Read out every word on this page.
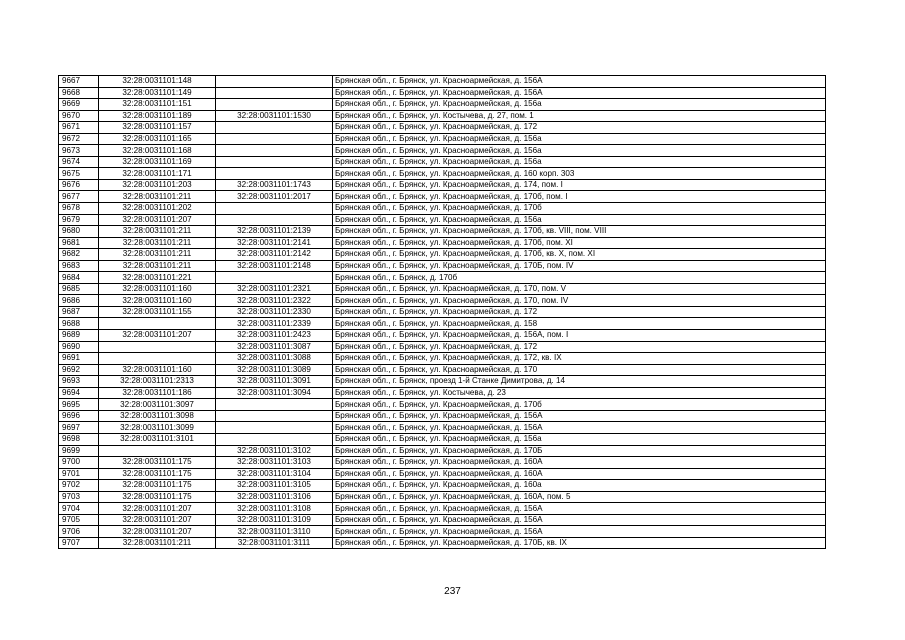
9667	32:28:0031101:148		Брянская обл., г. Брянск, ул. Красноармейская, д. 156А
9668	32:28:0031101:149		Брянская обл., г. Брянск, ул. Красноармейская, д. 156А
9669	32:28:0031101:151		Брянская обл., г. Брянск, ул. Красноармейская, д. 156а
9670	32:28:0031101:189	32:28:0031101:1530	Брянская обл., г. Брянск, ул. Костычева, д. 27, пом. 1
9671	32:28:0031101:157		Брянская обл., г. Брянск, ул. Красноармейская, д. 172
9672	32:28:0031101:165		Брянская обл., г. Брянск, ул. Красноармейская, д. 156а
9673	32:28:0031101:168		Брянская обл., г. Брянск, ул. Красноармейская, д. 156а
9674	32:28:0031101:169		Брянская обл., г. Брянск, ул. Красноармейская, д. 156а
9675	32:28:0031101:171		Брянская обл., г. Брянск, ул. Красноармейская, д. 160 корп. 303
9676	32:28:0031101:203	32:28:0031101:1743	Брянская обл., г. Брянск, ул. Красноармейская, д. 174, пом. I
9677	32:28:0031101:211	32:28:0031101:2017	Брянская обл., г. Брянск, ул. Красноармейская, д. 170б, пом. I
9678	32:28:0031101:202		Брянская обл., г. Брянск, ул. Красноармейская, д. 170б
9679	32:28:0031101:207		Брянская обл., г. Брянск, ул. Красноармейская, д. 156а
9680	32:28:0031101:211	32:28:0031101:2139	Брянская обл., г. Брянск, ул. Красноармейская, д. 170б, кв. VIII, пом. VIII
9681	32:28:0031101:211	32:28:0031101:2141	Брянская обл., г. Брянск, ул. Красноармейская, д. 170б, пом. XI
9682	32:28:0031101:211	32:28:0031101:2142	Брянская обл., г. Брянск, ул. Красноармейская, д. 170б, кв. X, пом. XI
9683	32:28:0031101:211	32:28:0031101:2148	Брянская обл., г. Брянск, ул. Красноармейская, д. 170Б, пом. IV
9684	32:28:0031101:221		Брянская обл., г. Брянск, д. 170б
9685	32:28:0031101:160	32:28:0031101:2321	Брянская обл., г. Брянск, ул. Красноармейская, д. 170, пом. V
9686	32:28:0031101:160	32:28:0031101:2322	Брянская обл., г. Брянск, ул. Красноармейская, д. 170, пом. IV
9687	32:28:0031101:155	32:28:0031101:2330	Брянская обл., г. Брянск, ул. Красноармейская, д. 172
9688		32:28:0031101:2339	Брянская обл., г. Брянск, ул. Красноармейская, д. 158
9689	32:28:0031101:207	32:28:0031101:2423	Брянская обл., г. Брянск, ул. Красноармейская, д. 156А, пом. I
9690		32:28:0031101:3087	Брянская обл., г. Брянск, ул. Красноармейская, д. 172
9691		32:28:0031101:3088	Брянская обл., г. Брянск, ул. Красноармейская, д. 172, кв. IX
9692	32:28:0031101:160	32:28:0031101:3089	Брянская обл., г. Брянск, ул. Красноармейская, д. 170
9693	32:28:0031101:2313	32:28:0031101:3091	Брянская обл., г. Брянск, проезд 1-й Станке Димитрова, д. 14
9694	32:28:0031101:186	32:28:0031101:3094	Брянская обл., г. Брянск, ул. Костычева, д. 23
9695	32:28:0031101:3097		Брянская обл., г. Брянск, ул. Красноармейская, д. 170б
9696	32:28:0031101:3098		Брянская обл., г. Брянск, ул. Красноармейская, д. 156А
9697	32:28:0031101:3099		Брянская обл., г. Брянск, ул. Красноармейская, д. 156А
9698	32:28:0031101:3101		Брянская обл., г. Брянск, ул. Красноармейская, д. 156а
9699		32:28:0031101:3102	Брянская обл., г. Брянск, ул. Красноармейская, д. 170Б
9700	32:28:0031101:175	32:28:0031101:3103	Брянская обл., г. Брянск, ул. Красноармейская, д. 160А
9701	32:28:0031101:175	32:28:0031101:3104	Брянская обл., г. Брянск, ул. Красноармейская, д. 160А
9702	32:28:0031101:175	32:28:0031101:3105	Брянская обл., г. Брянск, ул. Красноармейская, д. 160а
9703	32:28:0031101:175	32:28:0031101:3106	Брянская обл., г. Брянск, ул. Красноармейская, д. 160А, пом. 5
9704	32:28:0031101:207	32:28:0031101:3108	Брянская обл., г. Брянск, ул. Красноармейская, д. 156А
9705	32:28:0031101:207	32:28:0031101:3109	Брянская обл., г. Брянск, ул. Красноармейская, д. 156А
9706	32:28:0031101:207	32:28:0031101:3110	Брянская обл., г. Брянск, ул. Красноармейская, д. 156А
9707	32:28:0031101:211	32:28:0031101:3111	Брянская обл., г. Брянск, ул. Красноармейская, д. 170Б, кв. IX
237
